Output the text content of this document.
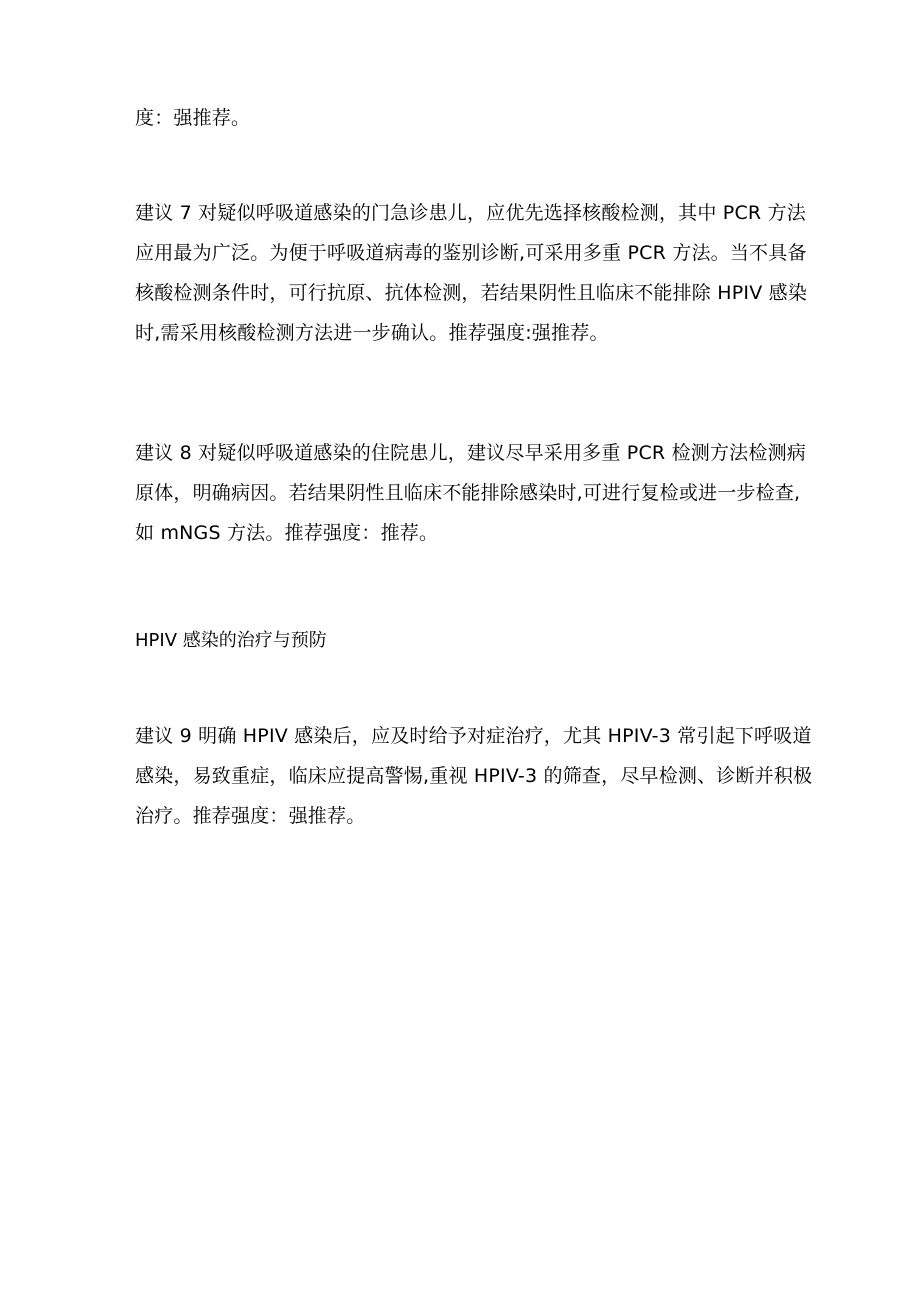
度：强推荐。

建议 7 对疑似呼吸道感染的门急诊患儿，应优先选择核酸检测，其中 PCR 方法
应用最为广泛。为便于呼吸道病毒的鉴别诊断,可采用多重 PCR 方法。当不具备
核酸检测条件时，可行抗原、抗体检测，若结果阴性且临床不能排除 HPIV 感染
时,需采用核酸检测方法进一步确认。推荐强度:强推荐。

建议 8 对疑似呼吸道感染的住院患儿，建议尽早采用多重 PCR 检测方法检测病
原体，明确病因。若结果阴性且临床不能排除感染时,可进行复检或进一步检查,
如 mNGS 方法。推荐强度：推荐。

HPIV 感染的治疗与预防

建议 9 明确 HPIV 感染后，应及时给予对症治疗，尤其 HPIV-3 常引起下呼吸道
感染，易致重症，临床应提高警惕,重视 HPIV-3 的筛查，尽早检测、诊断并积极
治疗。推荐强度：强推荐。
